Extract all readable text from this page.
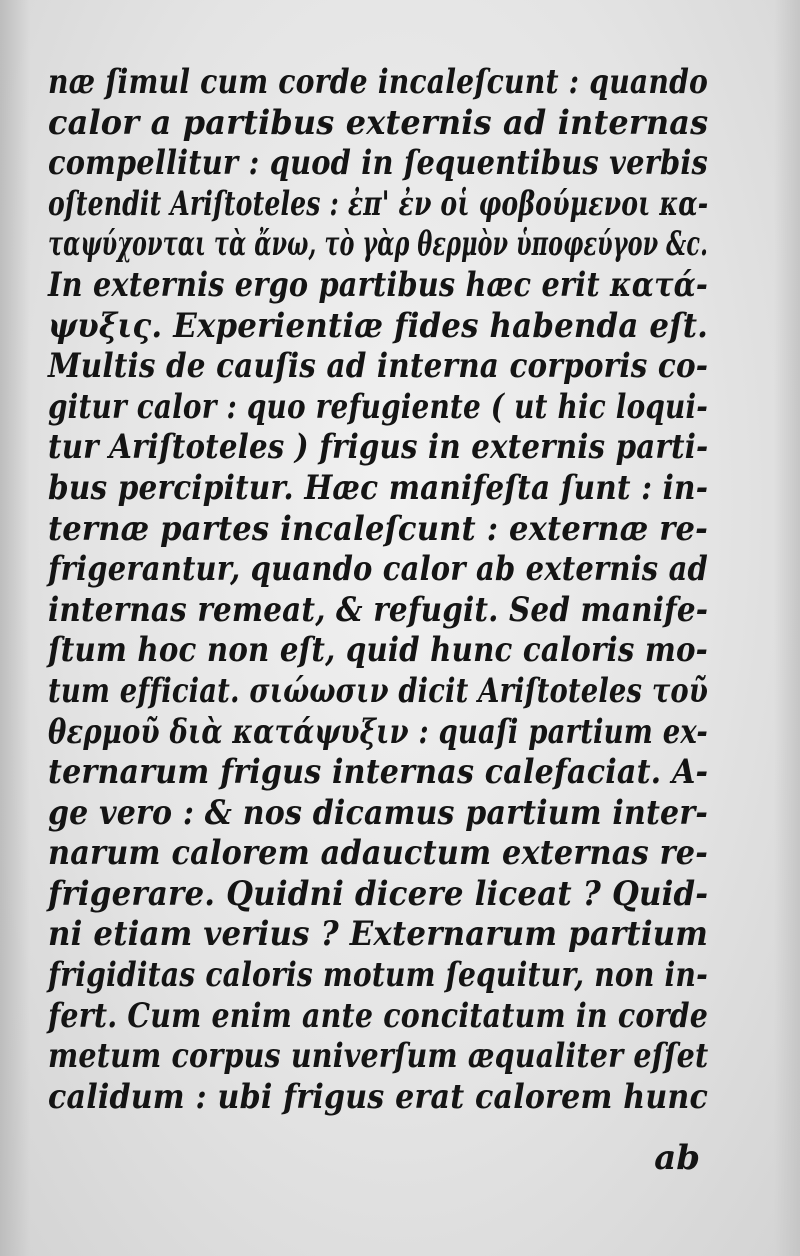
næ ſimul cum corde incaleſcunt : quando
calor a partibus externis ad internas
compellitur : quod in ſequentibus verbis
oſtendit Ariſtoteles : ἐπ' ἐν οἱ φοβούμενοι κα-
ταψύχονται τὰ ἄνω, τὸ γὰρ θερμὸν ὑποφεύγον &c.
In externis ergo partibus hæc erit κατά-
ψυξις. Experientiæ fides habenda eſt.
Multis de cauſis ad interna corporis co-
gitur calor : quo refugiente ( ut hic loqui-
tur Ariſtoteles ) frigus in externis parti-
bus percipitur. Hæc manifeſta ſunt : in-
ternæ partes incaleſcunt : externæ re-
frigerantur, quando calor ab externis ad
internas remeat, & refugit. Sed manife-
ſtum hoc non eſt, quid hunc caloris mo-
tum efficiat. σιώωσιν dicit Ariſtoteles τοῦ
θερμοῦ διὰ κατάψυξιν : quaſi partium ex-
ternarum frigus internas calefaciat. A-
ge vero : & nos dicamus partium inter-
narum calorem adauctum externas re-
frigerare. Quidni dicere liceat ? Quid-
ni etiam verius ? Externarum partium
frigiditas caloris motum ſequitur, non in-
fert. Cum enim ante concitatum in corde
metum corpus univerſum æqualiter eſſet
calidum : ubi frigus erat calorem hunc
ab
